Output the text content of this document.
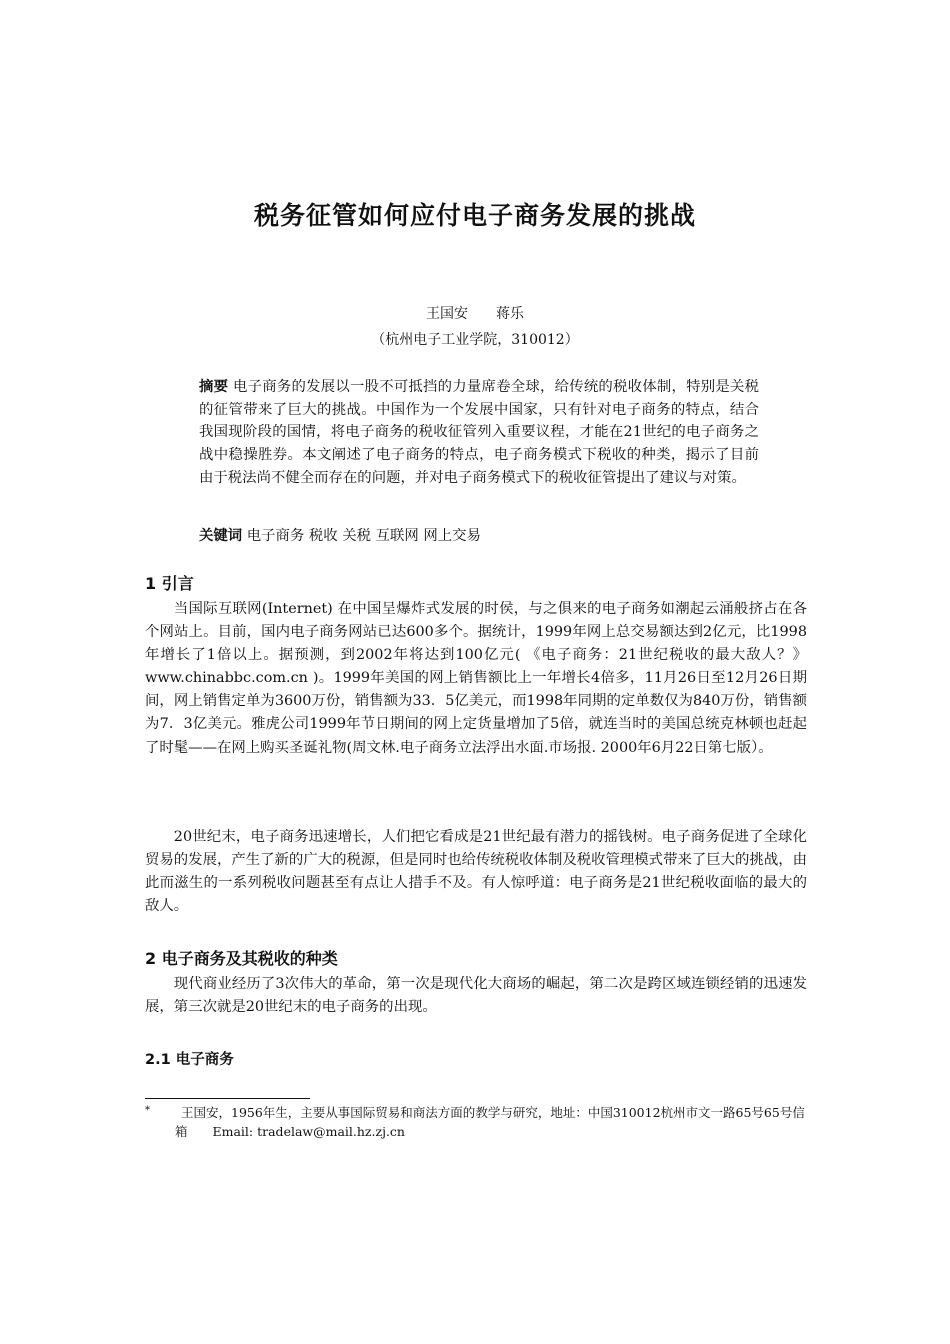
税务征管如何应付电子商务发展的挑战

王国安 蒋乐

（杭州电子工业学院，310012）

摘要 电子商务的发展以一股不可抵挡的力量席卷全球，给传统的税收体制，特别是关税的征管带来了巨大的挑战。中国作为一个发展中国家，只有针对电子商务的特点，结合我国现阶段的国情，将电子商务的税收征管列入重要议程，才能在21世纪的电子商务之战中稳操胜券。本文阐述了电子商务的特点，电子商务模式下税收的种类，揭示了目前由于税法尚不健全而存在的问题，并对电子商务模式下的税收征管提出了建议与对策。

关键词 电子商务 税收 关税 互联网 网上交易

1 引言

当国际互联网(Internet) 在中国呈爆炸式发展的时侯，与之俱来的电子商务如潮起云涌般挤占在各个网站上。目前，国内电子商务网站已达600多个。据统计，1999年网上总交易额达到2亿元，比1998年增长了1倍以上。据预测，到2002年将达到100亿元( 《电子商务：21世纪税收的最大敌人？》www.chinabbc.com.cn )。1999年美国的网上销售额比上一年增长4倍多，11月26日至12月26日期间，网上销售定单为3600万份，销售额为33．5亿美元，而1998年同期的定单数仅为840万份，销售额为7．3亿美元。雅虎公司1999年节日期间的网上定货量增加了5倍，就连当时的美国总统克林顿也赶起了时髦——在网上购买圣诞礼物(周文林.电子商务立法浮出水面.市场报. 2000年6月22日第七版）。

20世纪末，电子商务迅速增长，人们把它看成是21世纪最有潜力的摇钱树。电子商务促进了全球化贸易的发展，产生了新的广大的税源，但是同时也给传统税收体制及税收管理模式带来了巨大的挑战，由此而滋生的一系列税收问题甚至有点让人措手不及。有人惊呼道：电子商务是21世纪税收面临的最大的敌人。

2 电子商务及其税收的种类

现代商业经历了3次伟大的革命，第一次是现代化大商场的崛起，第二次是跨区域连锁经销的迅速发展，第三次就是20世纪末的电子商务的出现。

2.1 电子商务

*	王国安，1956年生，主要从事国际贸易和商法方面的教学与研究，地址：中国310012杭州市文一路65号65号信箱　　Email: tradelaw@mail.hz.zj.cn
